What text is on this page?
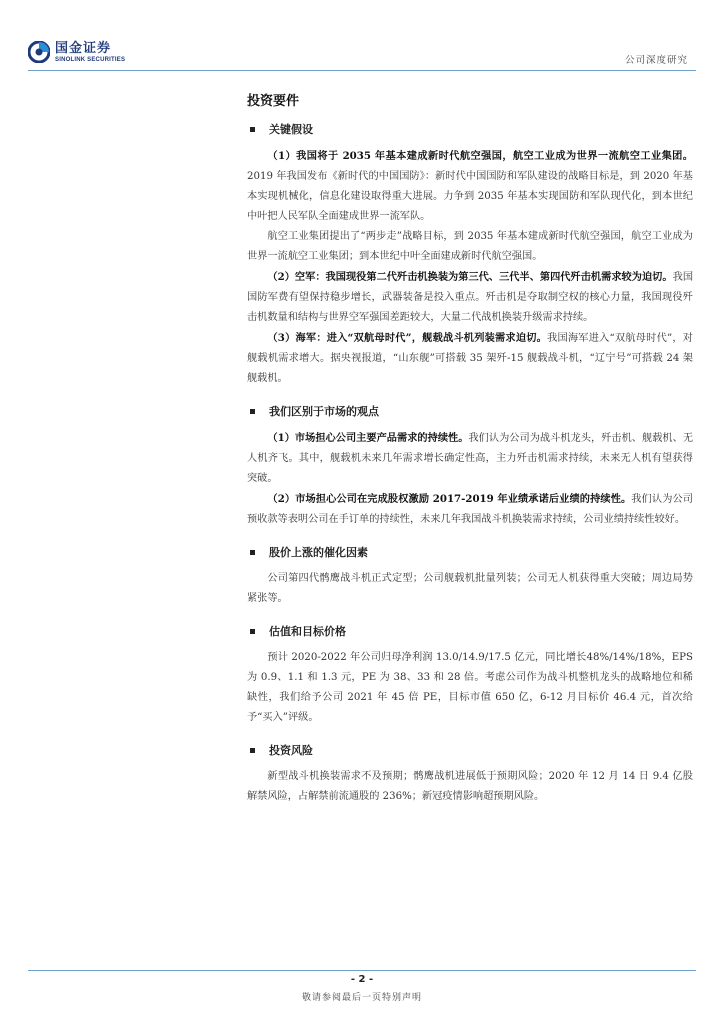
国金证券
SINOLINK SECURITIES	公司深度研究
投资要件
关键假设

（1）我国将于 2035 年基本建成新时代航空强国，航空工业成为世界一流航空工业集团。2019 年我国发布《新时代的中国国防》：新时代中国国防和军队建设的战略目标是，到 2020 年基本实现机械化，信息化建设取得重大进展。力争到 2035 年基本实现国防和军队现代化，到本世纪中叶把人民军队全面建成世界一流军队。

航空工业集团提出了“两步走”战略目标，到 2035 年基本建成新时代航空强国，航空工业成为世界一流航空工业集团；到本世纪中叶全面建成新时代航空强国。

（2）空军：我国现役第二代歼击机换装为第三代、三代半、第四代歼击机需求较为迫切。我国国防军费有望保持稳步增长，武器装备是投入重点。歼击机是夺取制空权的核心力量，我国现役歼击机数量和结构与世界空军强国差距较大，大量二代战机换装升级需求持续。

（3）海军：进入“双航母时代”，舰载战斗机列装需求迫切。我国海军进入“双航母时代”，对舰载机需求增大。据央视报道，“山东舰”可搭载 35 架歼-15 舰载战斗机，“辽宁号”可搭载 24 架舰载机。

我们区别于市场的观点

（1）市场担心公司主要产品需求的持续性。我们认为公司为战斗机龙头，歼击机、舰载机、无人机齐飞。其中，舰载机未来几年需求增长确定性高，主力歼击机需求持续，未来无人机有望获得突破。

（2）市场担心公司在完成股权激励 2017-2019 年业绩承诺后业绩的持续性。我们认为公司预收款等表明公司在手订单的持续性，未来几年我国战斗机换装需求持续，公司业绩持续性较好。

股价上涨的催化因素

公司第四代鹘鹰战斗机正式定型；公司舰载机批量列装；公司无人机获得重大突破；周边局势紧张等。

估值和目标价格

预计 2020-2022 年公司归母净利润 13.0/14.9/17.5 亿元，同比增长48%/14%/18%，EPS 为 0.9、1.1 和 1.3 元，PE 为 38、33 和 28 倍。考虑公司作为战斗机整机龙头的战略地位和稀缺性，我们给予公司 2021 年 45 倍 PE，目标市值 650 亿，6-12 月目标价 46.4 元，首次给予“买入”评级。

投资风险

新型战斗机换装需求不及预期；鹘鹰战机进展低于预期风险；2020 年 12 月 14 日 9.4 亿股解禁风险，占解禁前流通股的 236%；新冠疫情影响超预期风险。

- 2 -
敬请参阅最后一页特别声明
